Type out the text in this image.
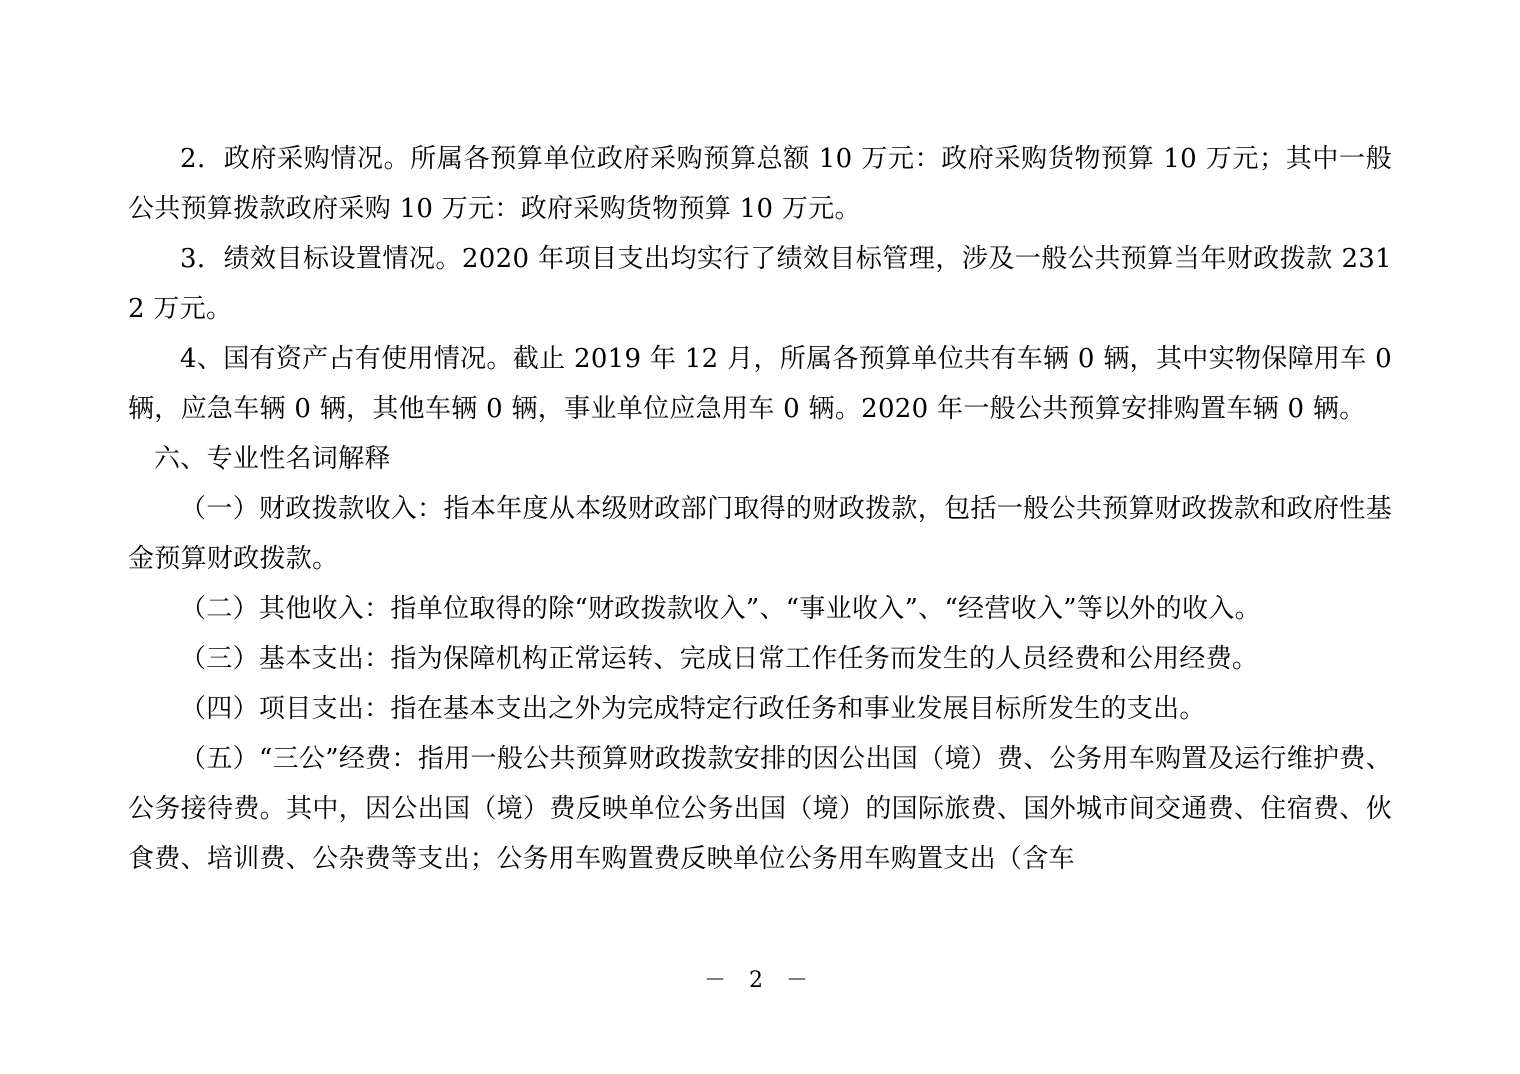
2．政府采购情况。所属各预算单位政府采购预算总额 10 万元：政府采购货物预算 10 万元；其中一般公共预算拨款政府采购 10 万元：政府采购货物预算 10 万元。

3．绩效目标设置情况。2020 年项目支出均实行了绩效目标管理，涉及一般公共预算当年财政拨款 2312 万元。

4、国有资产占有使用情况。截止 2019 年 12 月，所属各预算单位共有车辆 0 辆，其中实物保障用车 0 辆，应急车辆 0 辆，其他车辆 0 辆，事业单位应急用车 0 辆。2020 年一般公共预算安排购置车辆 0 辆。

六、专业性名词解释

（一）财政拨款收入：指本年度从本级财政部门取得的财政拨款，包括一般公共预算财政拨款和政府性基金预算财政拨款。

（二）其他收入：指单位取得的除“财政拨款收入”、“事业收入”、“经营收入”等以外的收入。

（三）基本支出：指为保障机构正常运转、完成日常工作任务而发生的人员经费和公用经费。

（四）项目支出：指在基本支出之外为完成特定行政任务和事业发展目标所发生的支出。

（五）“三公”经费：指用一般公共预算财政拨款安排的因公出国（境）费、公务用车购置及运行维护费、公务接待费。其中，因公出国（境）费反映单位公务出国（境）的国际旅费、国外城市间交通费、住宿费、伙食费、培训费、公杂费等支出；公务用车购置费反映单位公务用车购置支出（含车

－ 2 －
